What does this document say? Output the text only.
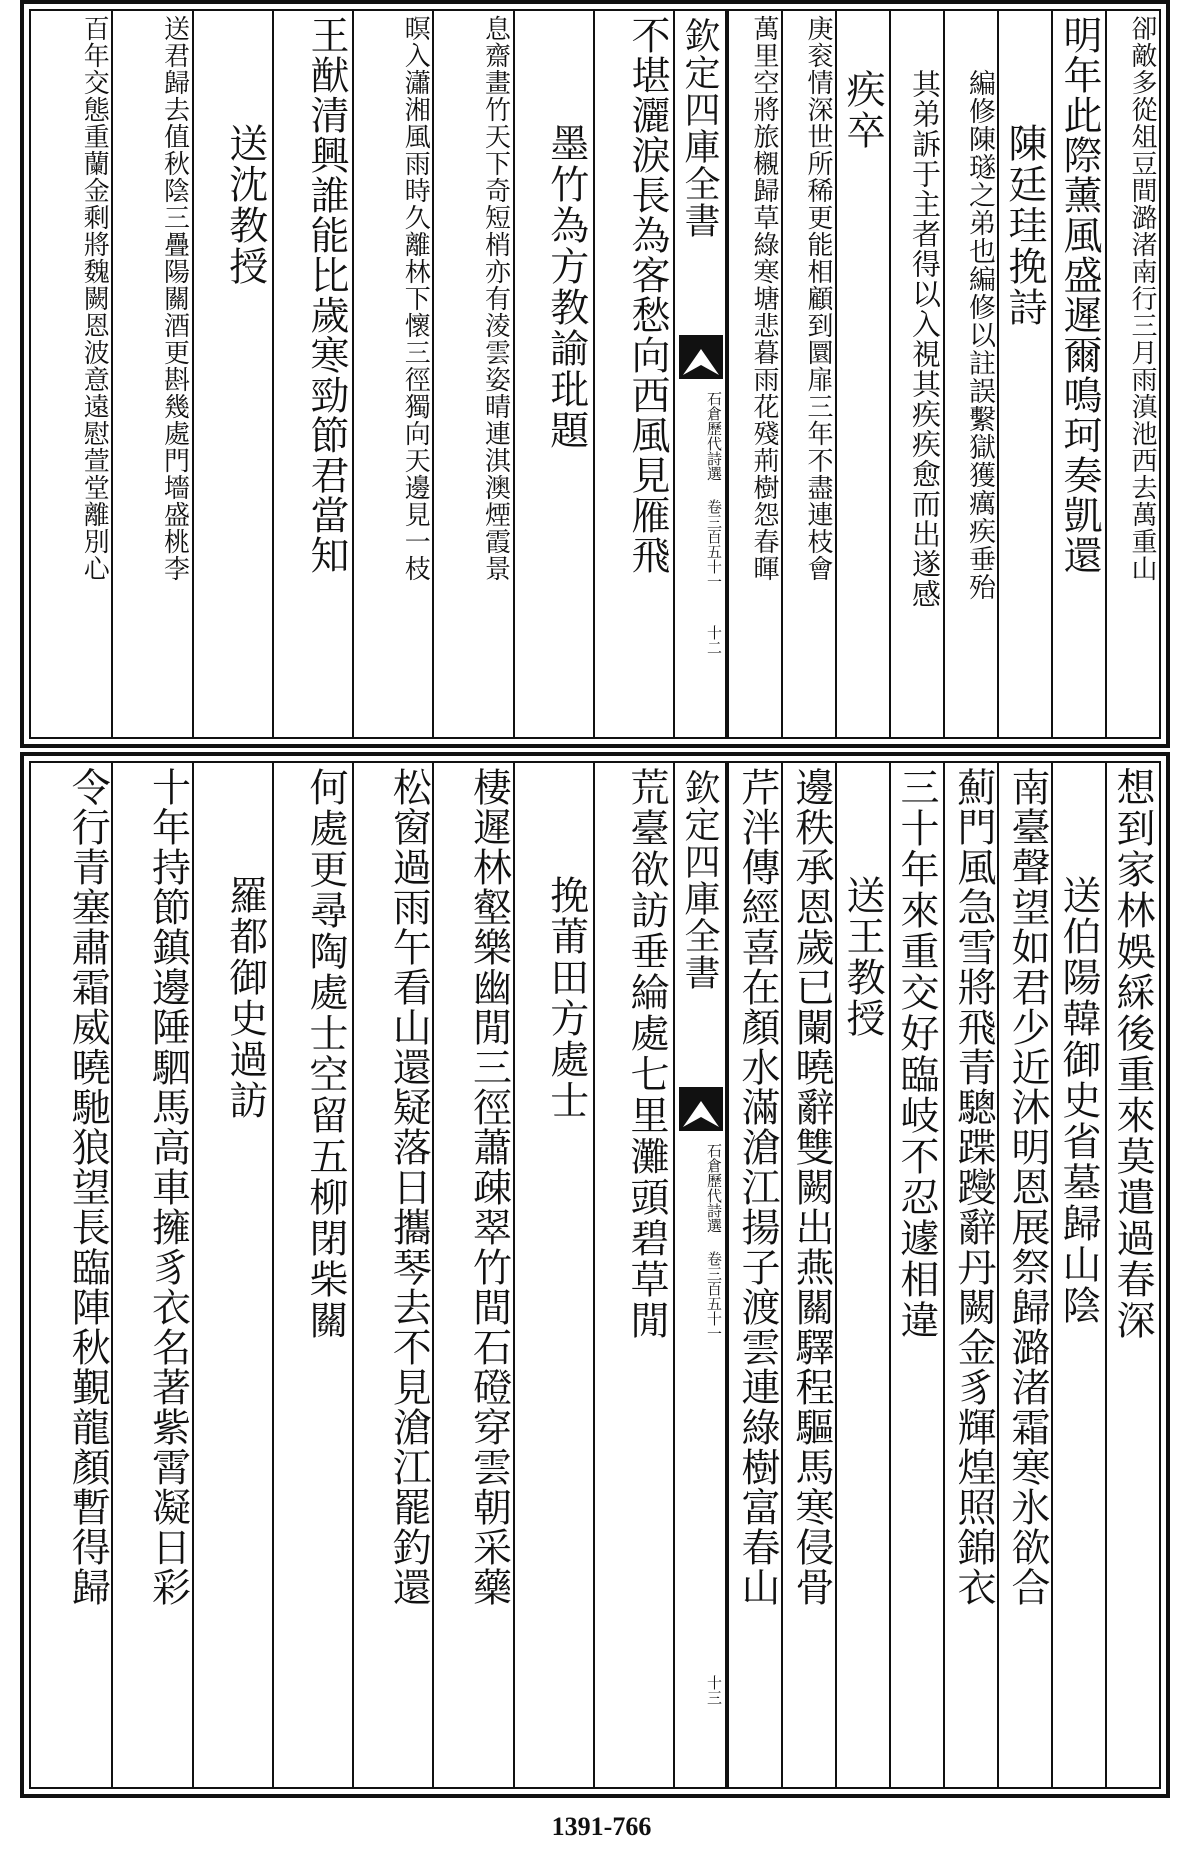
卻敵多從俎豆間潞渚南行三月雨滇池西去萬重山
明年此際薰風盛遲爾鳴珂奏凱還
陳廷珪挽詩
編修陳璲之弟也編修以註誤繫獄獲癘疾垂殆
其弟訴于主者得以入視其疾疾愈而出遂感
疾卒
庚衮情深世所稀更能相顧到圜扉三年不盡連枝會
萬里空將旅櫬歸草綠寒塘悲暮雨花殘荊樹怨春暉
不堪灑淚長為客愁向西風見雁飛
墨竹為方教諭玭題
息齋畫竹天下奇短梢亦有淩雲姿晴連淇澳煙霞景
暝入瀟湘風雨時久離林下懷三徑獨向天邊見一枝
王猷清興誰能比歲寒勁節君當知
送沈教授
送君歸去值秋陰三疊陽關酒更斟幾處門墻盛桃李
百年交態重蘭金剩將魏闕恩波意遠慰萱堂離別心	欽定四庫全書
石倉歷代詩選 卷三百五十一
十二
想到家林娛綵後重來莫遣過春深
送伯陽韓御史省墓歸山陰
南臺聲望如君少近沐明恩展祭歸潞渚霜寒氷欲合
薊門風急雪將飛青驄蹀躞辭丹闕金豸輝煌照錦衣
三十年來重交好臨岐不忍遽相違
送王教授
邊秩承恩歲已闌曉辭雙闕出燕關驛程驅馬寒侵骨
芹泮傳經喜在顏水滿滄江揚子渡雲連綠樹富春山
荒臺欲訪垂綸處七里灘頭碧草閒
挽莆田方處士
棲遲林壑樂幽閒三徑蕭疎翠竹間石磴穿雲朝采藥
松窗過雨午看山還疑落日攜琴去不見滄江罷釣還
何處更尋陶處士空留五柳閉柴關
羅都御史過訪
十年持節鎮邊陲駟馬高車擁豸衣名著紫霄凝日彩
令行青塞肅霜威曉馳狼望長臨陣秋覲龍顏暫得歸	欽定四庫全書
石倉歷代詩選 卷三百五十一
十三
1391-766
